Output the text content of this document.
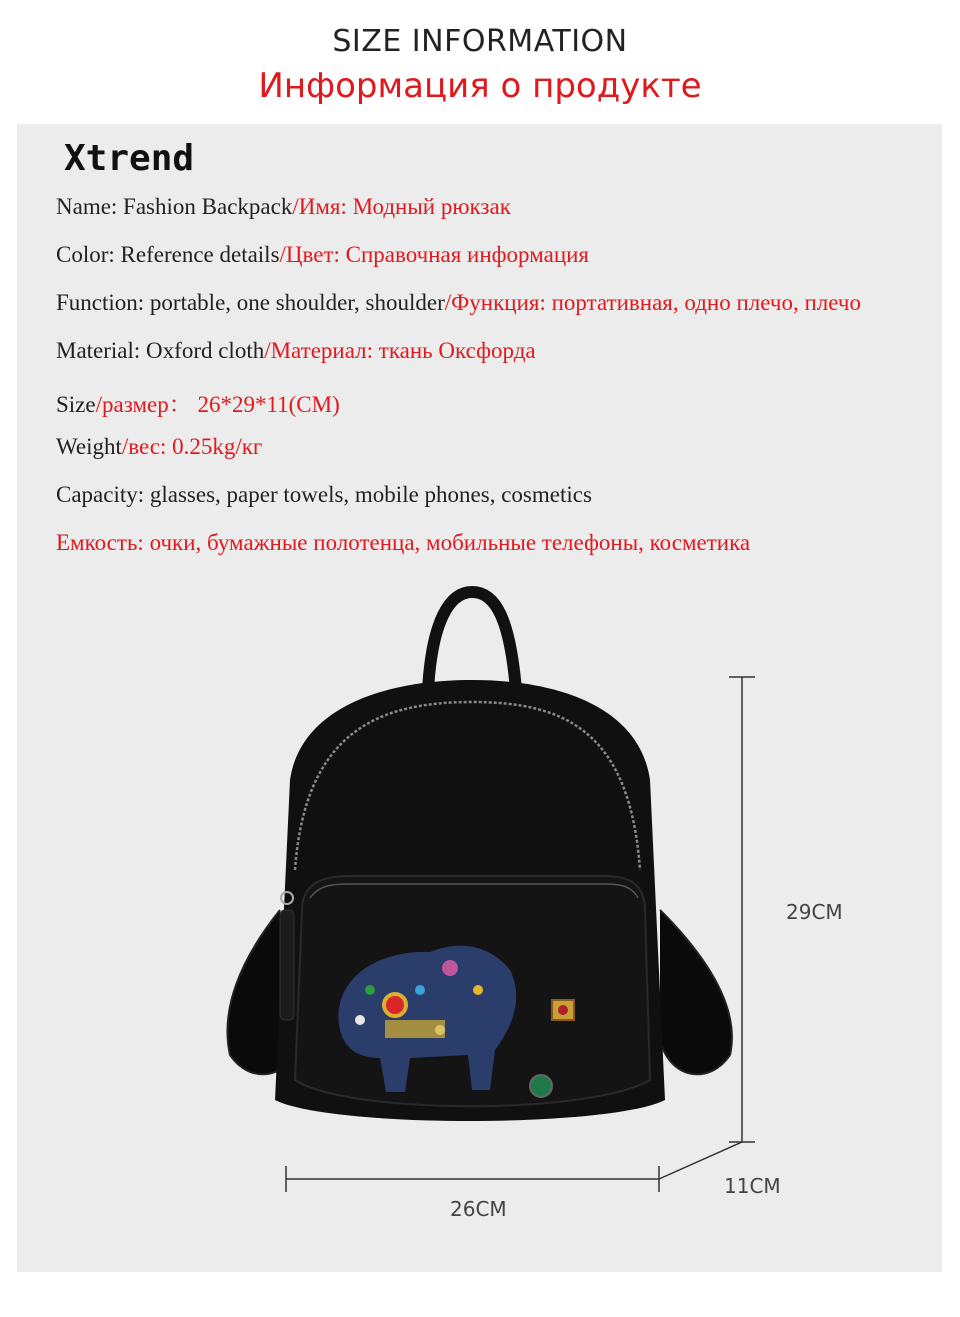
SIZE INFORMATION
Информация о продукте
Xtrend
Name: Fashion Backpack/Имя: Модный рюкзак
Color: Reference details/Цвет: Справочная информация
Function: portable, one shoulder, shoulder/Функция: портативная, одно плечо, плечо
Material: Oxford cloth/Материал: ткань Оксфорда
Size/размер： 26*29*11(CM)
Weight/вес: 0.25kg/кг
Capacity: glasses, paper towels, mobile phones, cosmetics
Емкость: очки, бумажные полотенца, мобильные телефоны, косметика
29CM
26CM
11CM
